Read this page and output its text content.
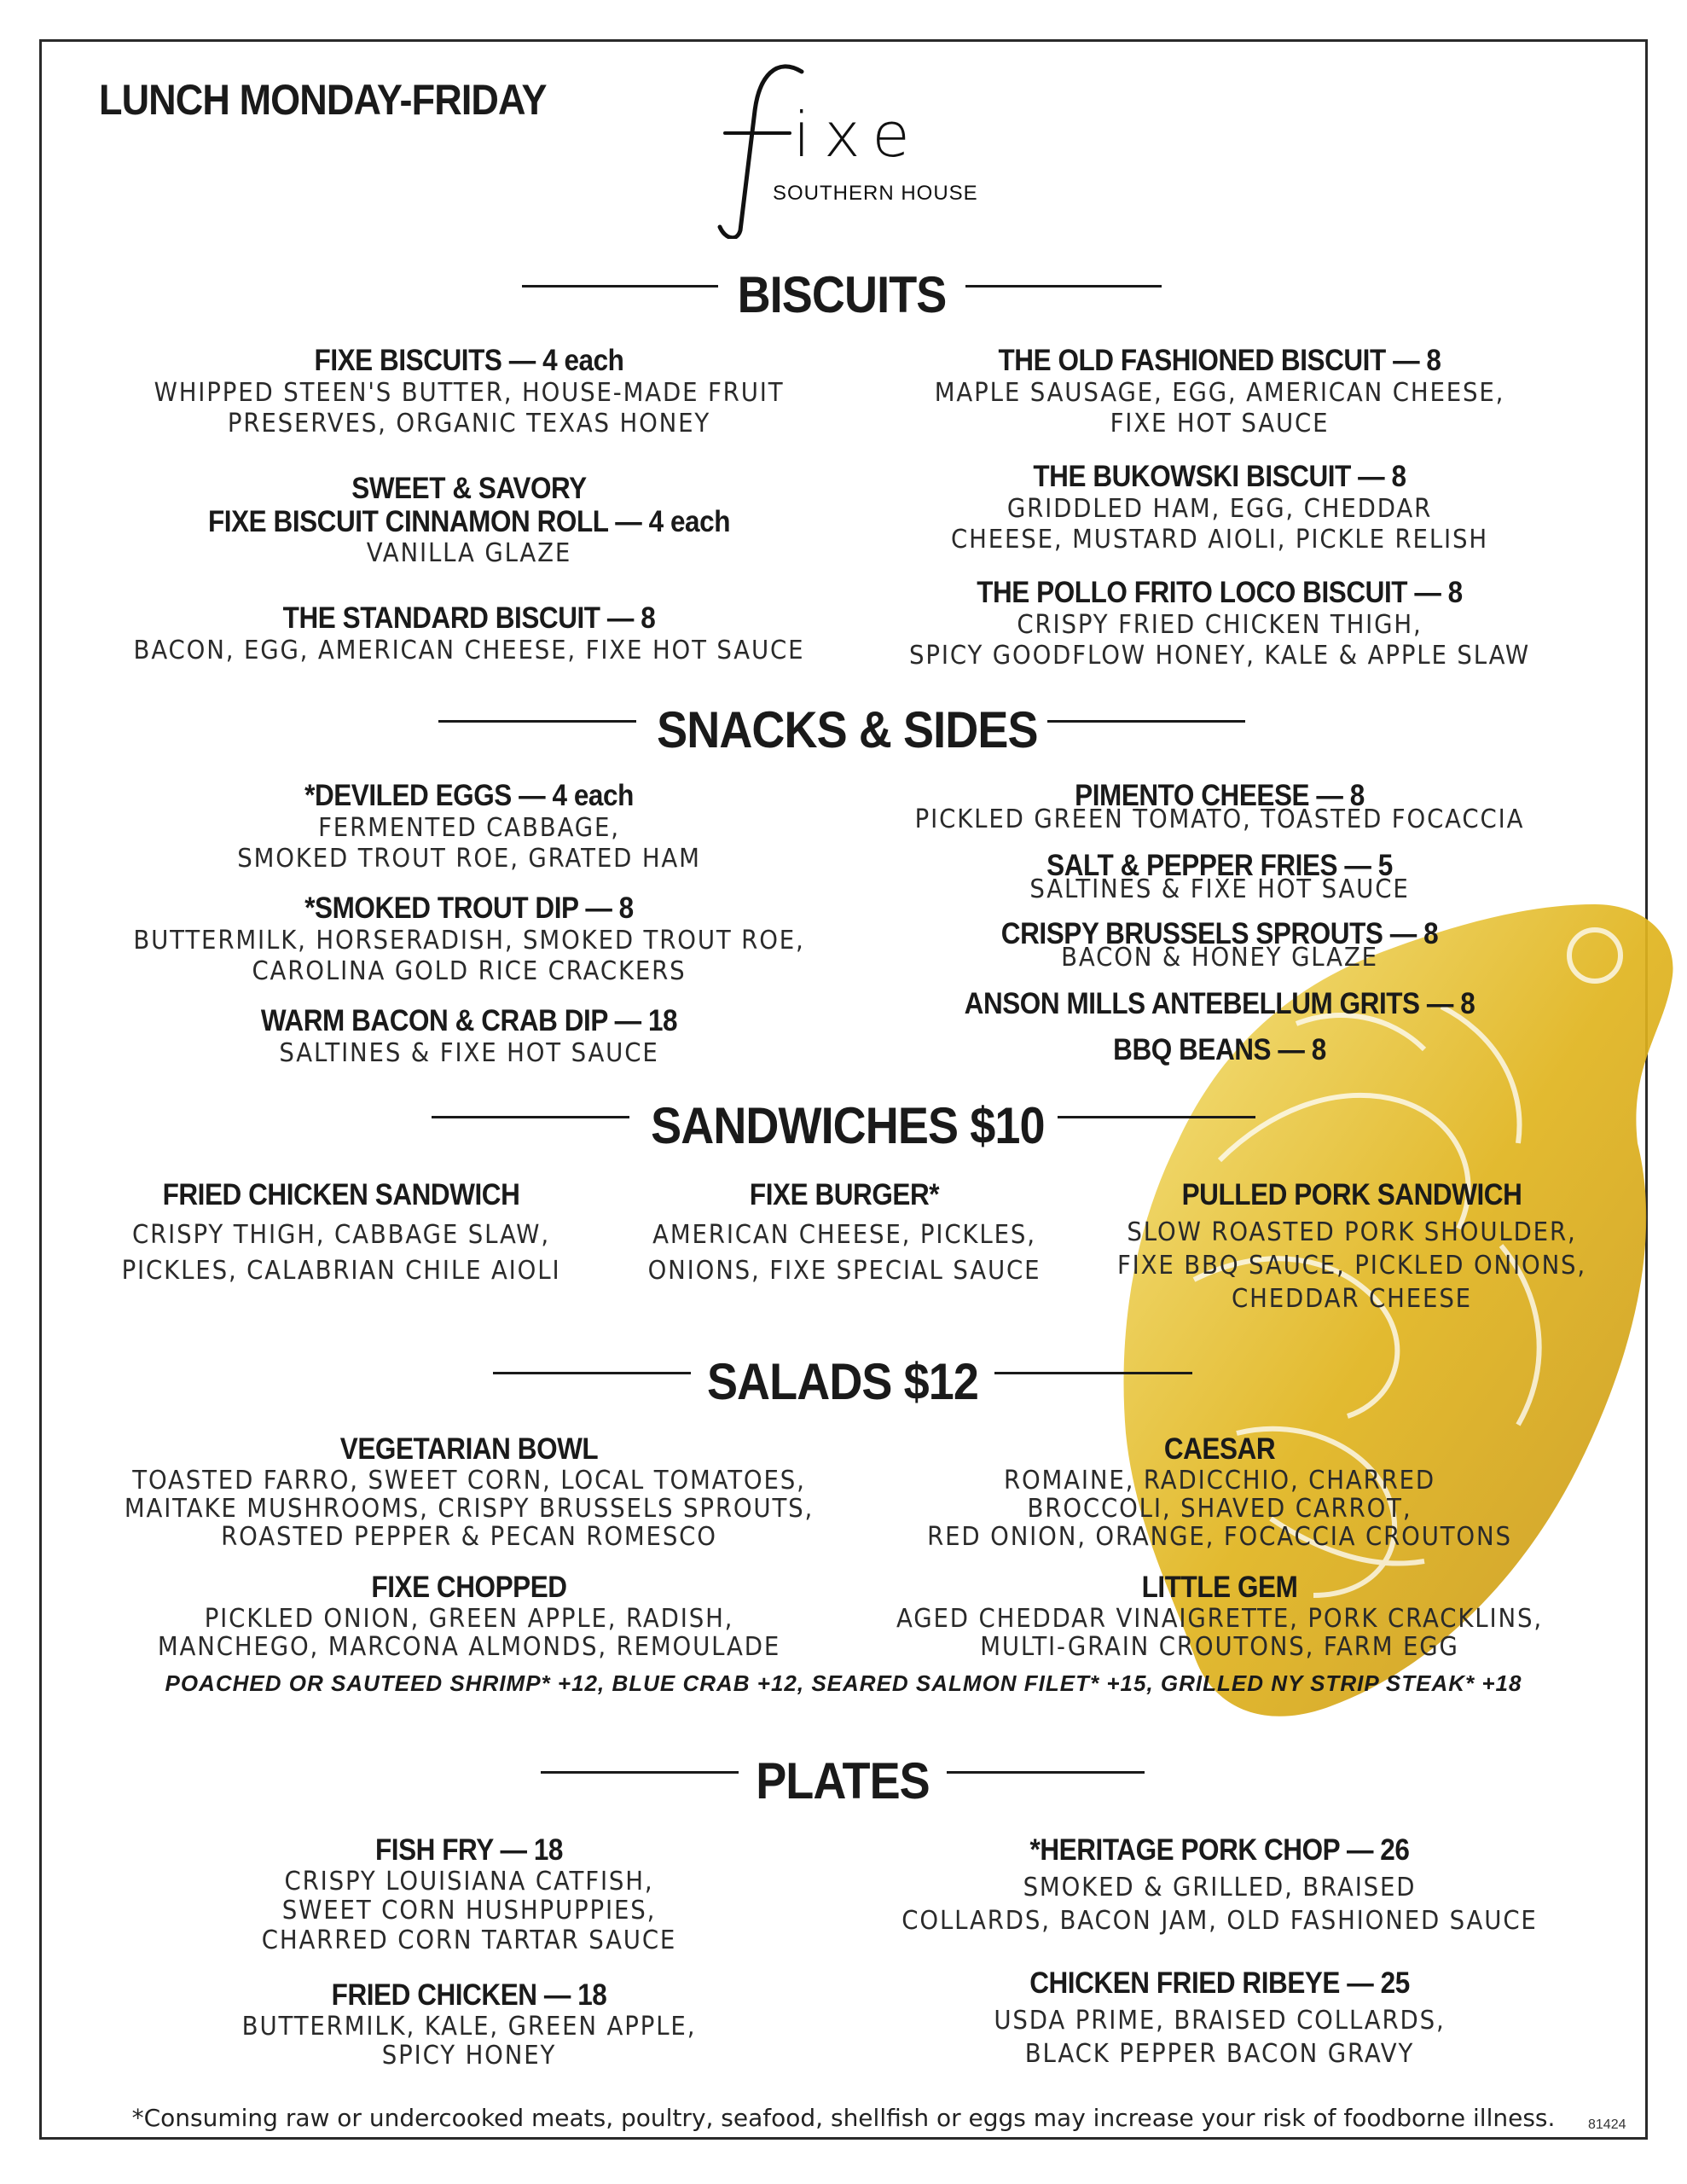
LUNCH MONDAY-FRIDAY	ixe
SOUTHERN HOUSE
BISCUITS
FIXE BISCUITS — 4 each
WHIPPED STEEN'S BUTTER, HOUSE-MADE FRUIT
PRESERVES, ORGANIC TEXAS HONEY
SWEET & SAVORY
FIXE BISCUIT CINNAMON ROLL — 4 each
VANILLA GLAZE
THE STANDARD BISCUIT — 8
BACON, EGG, AMERICAN CHEESE, FIXE HOT SAUCE
THE OLD FASHIONED BISCUIT — 8
MAPLE SAUSAGE, EGG, AMERICAN CHEESE,
FIXE HOT SAUCE
THE BUKOWSKI BISCUIT — 8
GRIDDLED HAM, EGG, CHEDDAR
CHEESE, MUSTARD AIOLI, PICKLE RELISH
THE POLLO FRITO LOCO BISCUIT — 8
CRISPY FRIED CHICKEN THIGH,
SPICY GOODFLOW HONEY, KALE & APPLE SLAW
SNACKS & SIDES
*DEVILED EGGS — 4 each
FERMENTED CABBAGE,
SMOKED TROUT ROE, GRATED HAM
*SMOKED TROUT DIP — 8
BUTTERMILK, HORSERADISH, SMOKED TROUT ROE,
CAROLINA GOLD RICE CRACKERS
WARM BACON & CRAB DIP — 18
SALTINES & FIXE HOT SAUCE
PIMENTO CHEESE — 8
PICKLED GREEN TOMATO, TOASTED FOCACCIA
SALT & PEPPER FRIES — 5
SALTINES & FIXE HOT SAUCE
CRISPY BRUSSELS SPROUTS — 8
BACON & HONEY GLAZE
ANSON MILLS ANTEBELLUM GRITS — 8
BBQ BEANS — 8
SANDWICHES $10
FRIED CHICKEN SANDWICH
CRISPY THIGH, CABBAGE SLAW,
PICKLES, CALABRIAN CHILE AIOLI
FIXE BURGER*
AMERICAN CHEESE, PICKLES,
ONIONS, FIXE SPECIAL SAUCE
PULLED PORK SANDWICH
SLOW ROASTED PORK SHOULDER,
FIXE BBQ SAUCE, PICKLED ONIONS,
CHEDDAR CHEESE
SALADS $12
VEGETARIAN BOWL
TOASTED FARRO, SWEET CORN, LOCAL TOMATOES,
MAITAKE MUSHROOMS, CRISPY BRUSSELS SPROUTS,
ROASTED PEPPER & PECAN ROMESCO
FIXE CHOPPED
PICKLED ONION, GREEN APPLE, RADISH,
MANCHEGO, MARCONA ALMONDS, REMOULADE
CAESAR
ROMAINE, RADICCHIO, CHARRED
BROCCOLI, SHAVED CARROT,
RED ONION, ORANGE, FOCACCIA CROUTONS
LITTLE GEM
AGED CHEDDAR VINAIGRETTE, PORK CRACKLINS,
MULTI-GRAIN CROUTONS, FARM EGG
POACHED OR SAUTEED SHRIMP* +12, BLUE CRAB +12, SEARED SALMON FILET* +15, GRILLED NY STRIP STEAK* +18
PLATES
FISH FRY — 18
CRISPY LOUISIANA CATFISH,
SWEET CORN HUSHPUPPIES,
CHARRED CORN TARTAR SAUCE
FRIED CHICKEN — 18
BUTTERMILK, KALE, GREEN APPLE,
SPICY HONEY
*HERITAGE PORK CHOP — 26
SMOKED & GRILLED, BRAISED
COLLARDS, BACON JAM, OLD FASHIONED SAUCE
CHICKEN FRIED RIBEYE — 25
USDA PRIME, BRAISED COLLARDS,
BLACK PEPPER BACON GRAVY
*Consuming raw or undercooked meats, poultry, seafood, shellfish or eggs may increase your risk of foodborne illness.	81424
